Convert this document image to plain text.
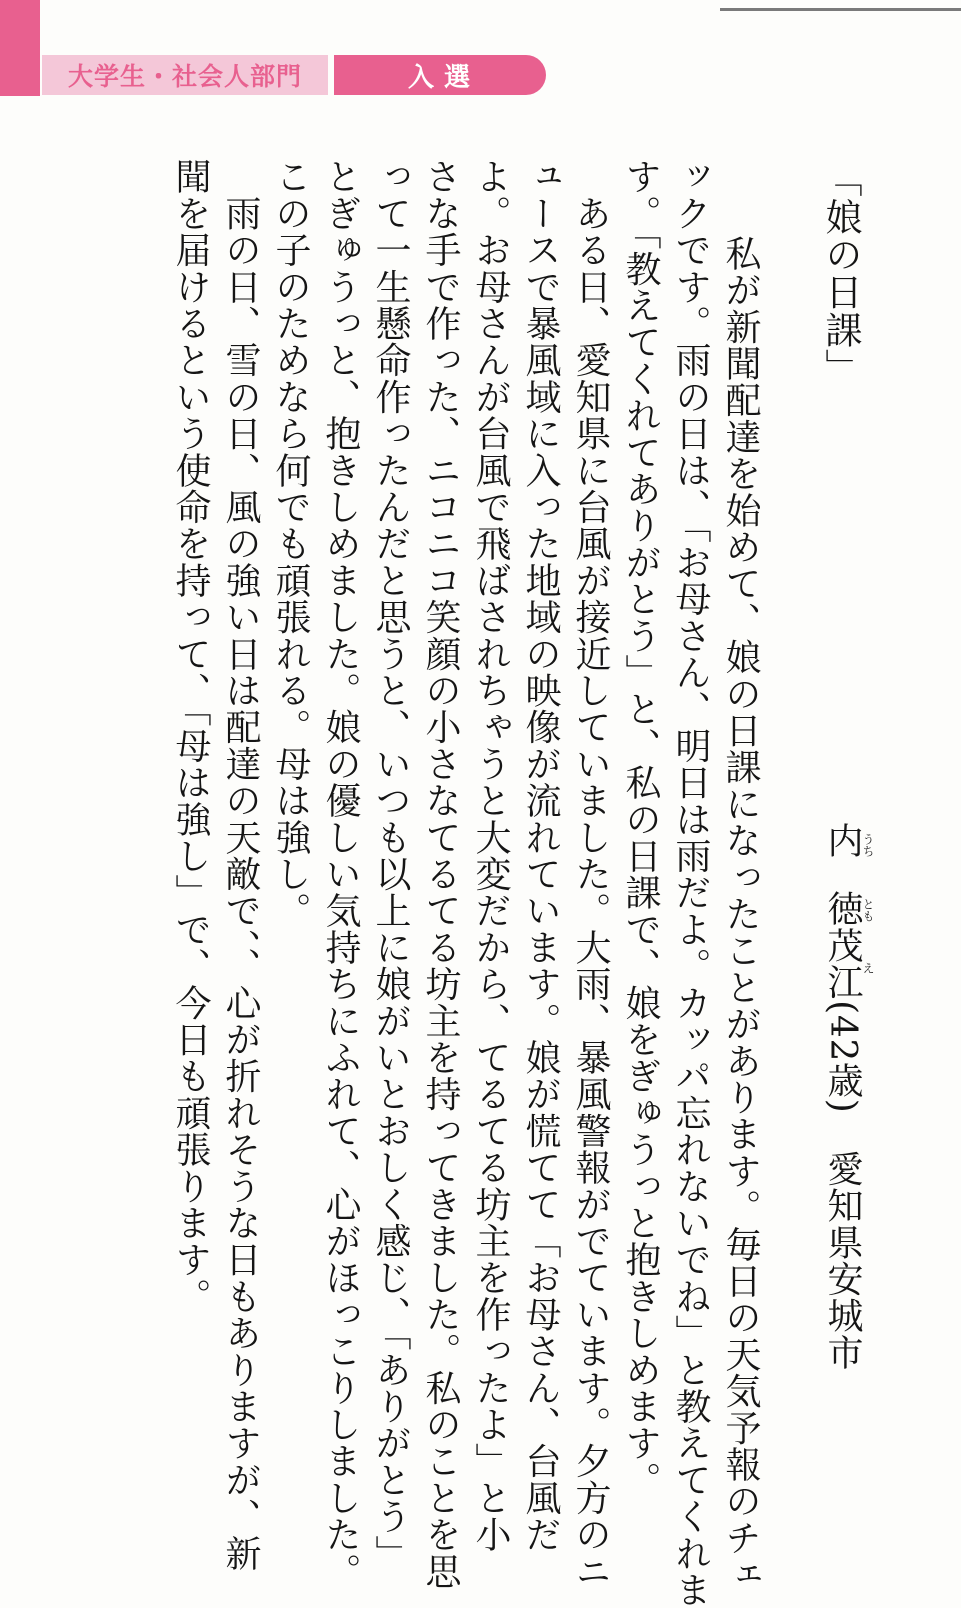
大学生・社会人部門	入選
「娘の日課」
内
徳茂江(42歳)　愛知県安城市
うち
とも
え
　私が新聞配達を始めて、娘の日課になったことがあります。毎日の天気予報のチェ
ックです。雨の日は、「お母さん、明日は雨だよ。カッパ忘れないでね」と教えてくれま
す。「教えてくれてありがとう」と、私の日課で、娘をぎゅうっと抱きしめます。
　ある日、愛知県に台風が接近していました。大雨、暴風警報がでています。夕方のニ
ュースで暴風域に入った地域の映像が流れています。娘が慌てて「お母さん、台風だ
よ。お母さんが台風で飛ばされちゃうと大変だから、てるてる坊主を作ったよ」と小
さな手で作った、ニコニコ笑顔の小さなてるてる坊主を持ってきました。私のことを思
って一生懸命作ったんだと思うと、いつも以上に娘がいとおしく感じ、「ありがとう」
とぎゅうっと、抱きしめました。娘の優しい気持ちにふれて、心がほっこりしました。
この子のためなら何でも頑張れる。母は強し。
　雨の日、雪の日、風の強い日は配達の天敵で、、心が折れそうな日もありますが、新
聞を届けるという使命を持って、「母は強し」で、今日も頑張ります。
